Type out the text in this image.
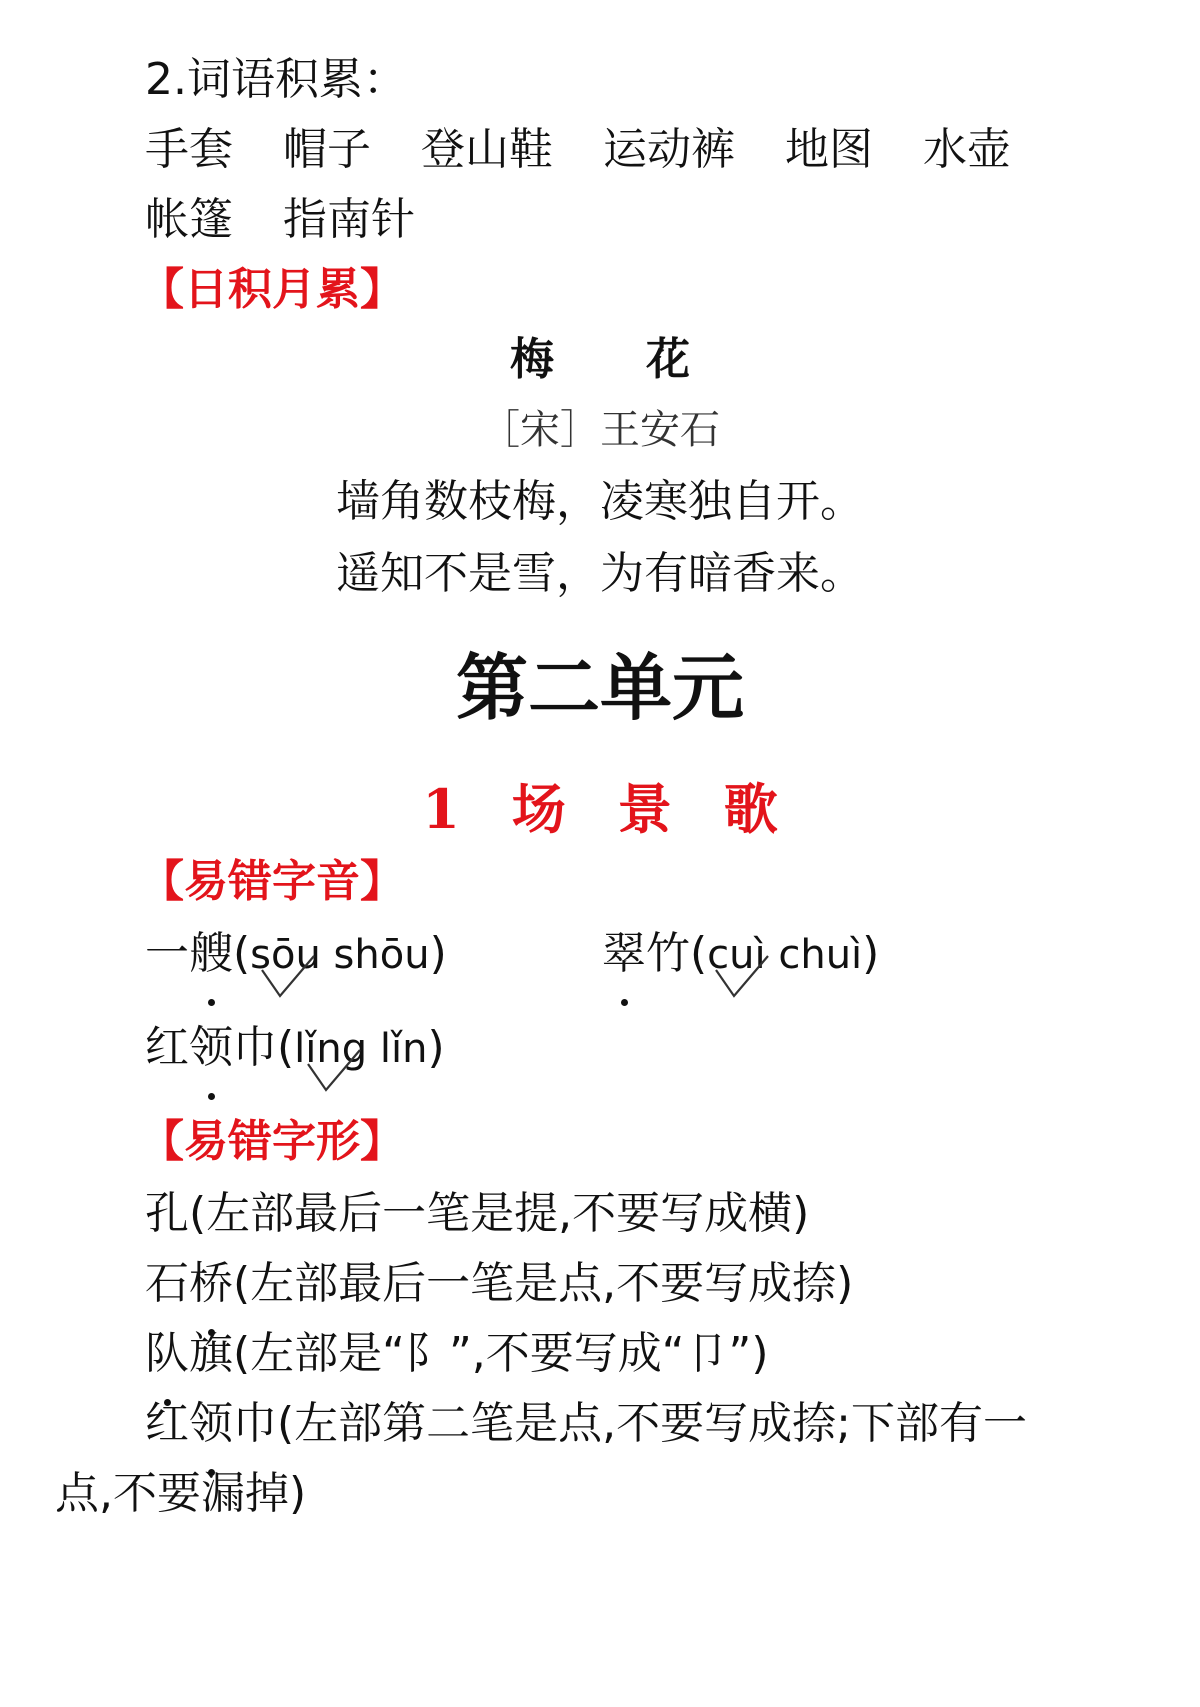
2.词语积累：
手套 帽子 登山鞋 运动裤 地图 水壶
帐篷 指南针
【日积月累】
梅 花
［宋］王安石
墙角数枝梅，凌寒独自开。
遥知不是雪，为有暗香来。
第二单元
1 场 景 歌
【易错字音】
一艘
(sōu shōu)	翠
竹(cuì chuì)
红领
巾(lǐng lǐn)
【易错字形】
孔(左部最后一笔是提,不要写成横)
石桥
(左部最后一笔是点,不要写成捺)
队
旗(左部是“阝”,不要写成“卩”)
红领
巾(左部第二笔是点,不要写成捺;下部有一
点,不要漏掉)
